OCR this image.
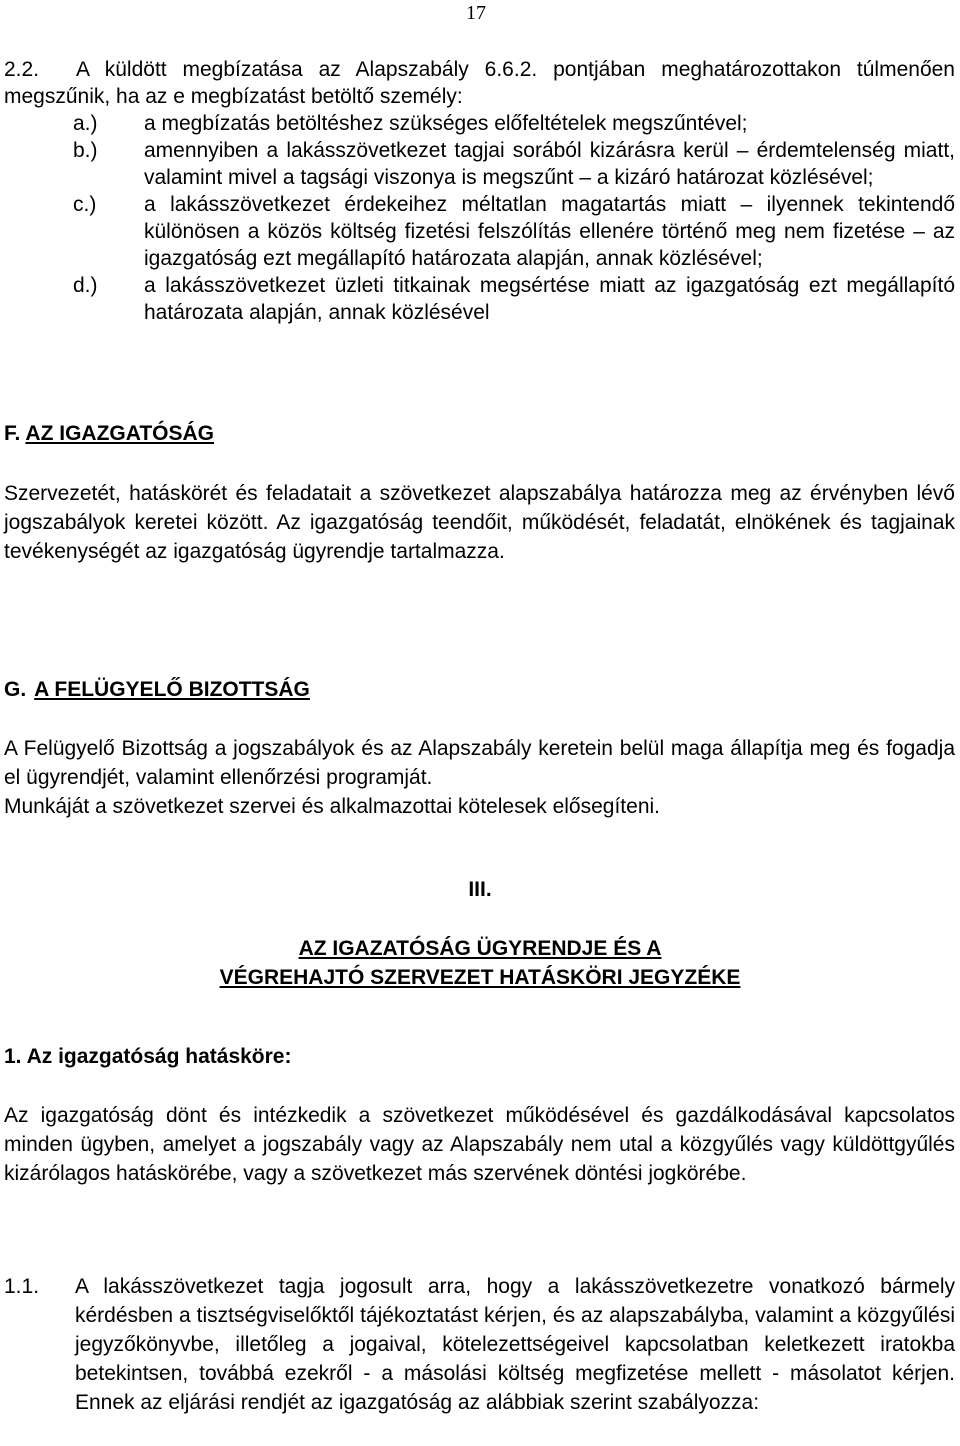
17
2.2. A küldött megbízatása az Alapszabály 6.6.2. pontjában meghatározottakon túlmenően megszűnik, ha az e megbízatást betöltő személy:
a.)	a megbízatás betöltéshez szükséges előfeltételek megszűntével;
b.)	amennyiben a lakásszövetkezet tagjai sorából kizárásra kerül – érdemtelenség miatt, valamint mivel a tagsági viszonya is megszűnt – a kizáró határozat közlésével;
c.)	a lakásszövetkezet érdekeihez méltatlan magatartás miatt – ilyennek tekintendő különösen a közös költség fizetési felszólítás ellenére történő meg nem fizetése – az igazgatóság ezt megállapító határozata alapján, annak közlésével;
d.)	a lakásszövetkezet üzleti titkainak megsértése miatt az igazgatóság ezt megállapító határozata alapján, annak közlésével
F. AZ IGAZGATÓSÁG
Szervezetét, hatáskörét és feladatait a szövetkezet alapszabálya határozza meg az érvényben lévő jogszabályok keretei között. Az igazgatóság teendőit, működését, feladatát, elnökének és tagjainak tevékenységét az igazgatóság ügyrendje tartalmazza.
G. A FELÜGYELŐ BIZOTTSÁG
A Felügyelő Bizottság a jogszabályok és az Alapszabály keretein belül maga állapítja meg és fogadja el ügyrendjét, valamint ellenőrzési programját.
Munkáját a szövetkezet szervei és alkalmazottai kötelesek elősegíteni.
III.
AZ IGAZATÓSÁG ÜGYRENDJE ÉS A
VÉGREHAJTÓ SZERVEZET HATÁSKÖRI JEGYZÉKE
1. Az igazgatóság hatásköre:
Az igazgatóság dönt és intézkedik a szövetkezet működésével és gazdálkodásával kapcsolatos minden ügyben, amelyet a jogszabály vagy az Alapszabály nem utal a közgyűlés vagy küldöttgyűlés kizárólagos hatáskörébe, vagy a szövetkezet más szervének döntési jogkörébe.
1.1.	A lakásszövetkezet tagja jogosult arra, hogy a lakásszövetkezetre vonatkozó bármely kérdésben a tisztségviselőktől tájékoztatást kérjen, és az alapszabályba, valamint a közgyűlési jegyzőkönyvbe, illetőleg a jogaival, kötelezettségeivel kapcsolatban keletkezett iratokba betekintsen, továbbá ezekről - a másolási költség megfizetése mellett - másolatot kérjen. Ennek az eljárási rendjét az igazgatóság az alábbiak szerint szabályozza:
